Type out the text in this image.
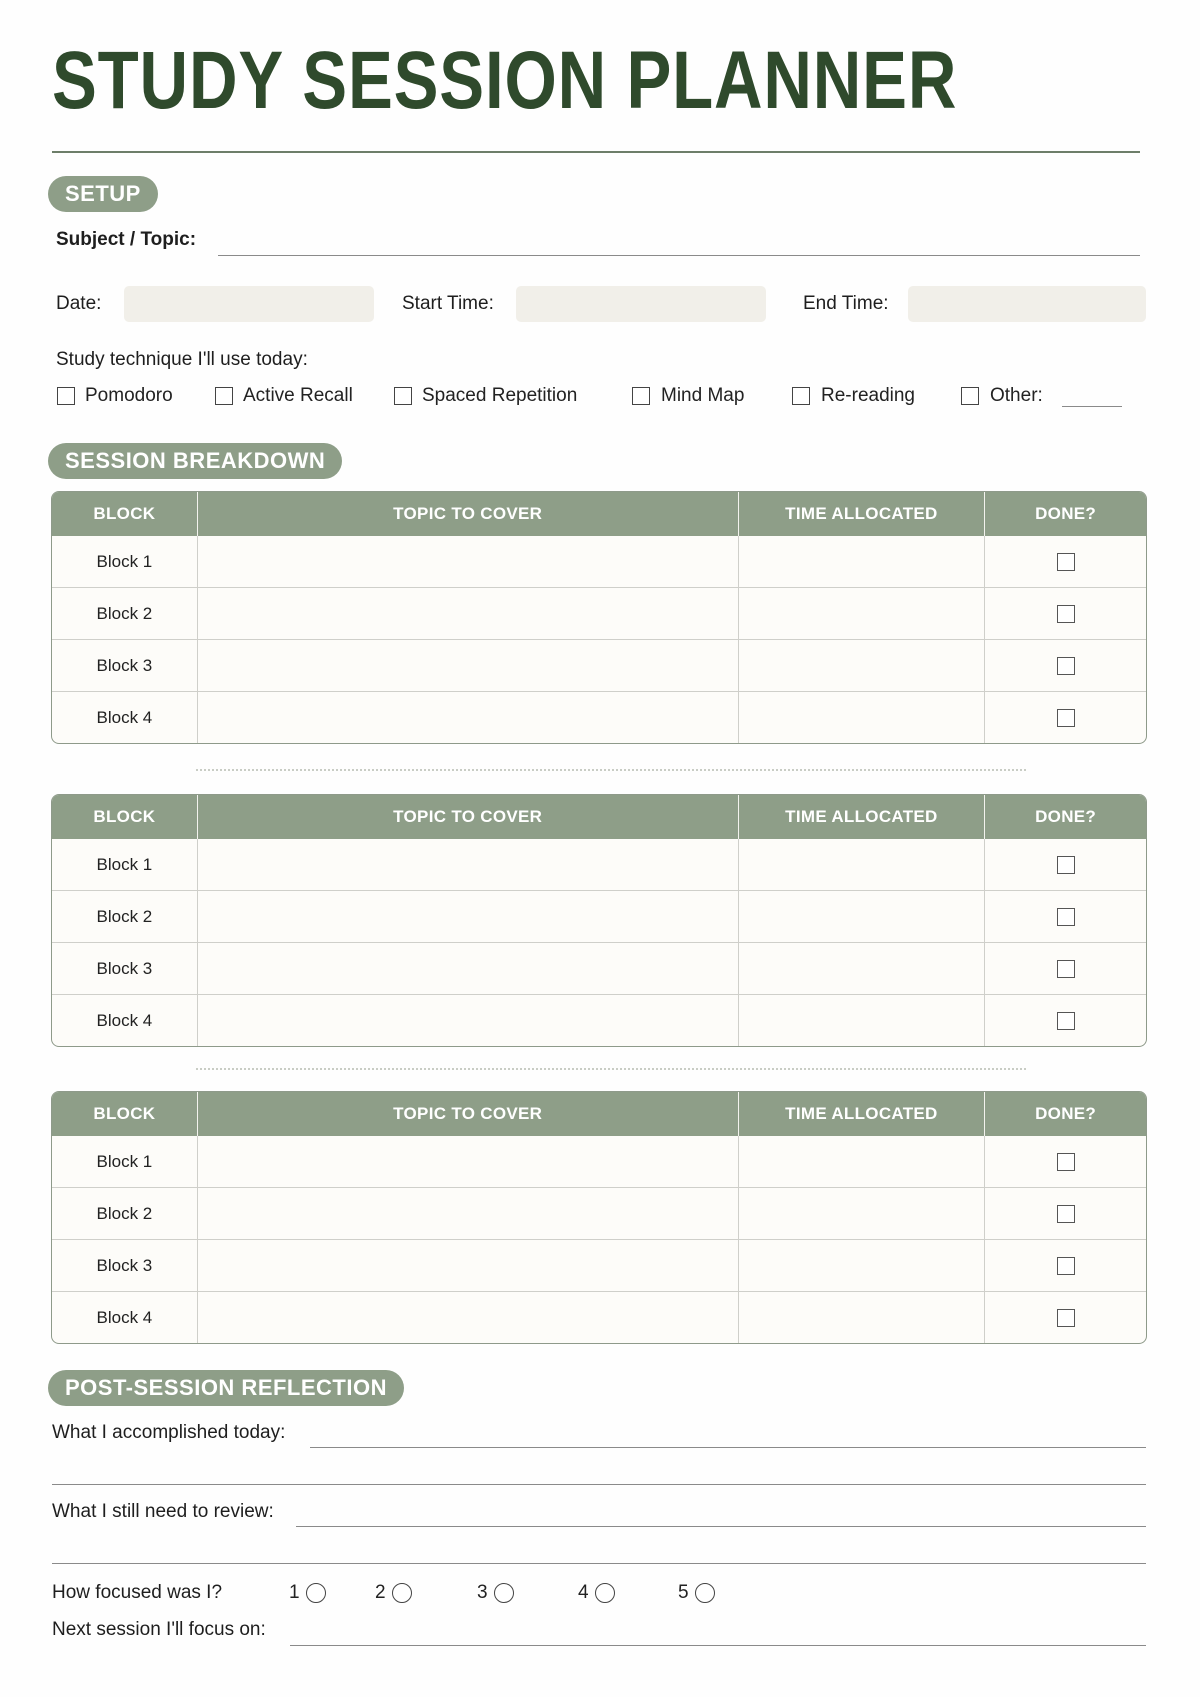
STUDY SESSION PLANNER
SETUP
Subject / Topic:
Date:	Start Time:	End Time:
Study technique I'll use today:
Pomodoro	Active Recall	Spaced Repetition	Mind Map	Re-reading	Other:
SESSION BREAKDOWN
BLOCK	TOPIC TO COVER	TIME ALLOCATED	DONE?
Block 1			
Block 2			
Block 3			
Block 4			
BLOCK	TOPIC TO COVER	TIME ALLOCATED	DONE?
Block 1			
Block 2			
Block 3			
Block 4			
BLOCK	TOPIC TO COVER	TIME ALLOCATED	DONE?
Block 1			
Block 2			
Block 3			
Block 4			
POST-SESSION REFLECTION
What I accomplished today:
What I still need to review:
How focused was I?	1	2	3	4	5
Next session I'll focus on:
